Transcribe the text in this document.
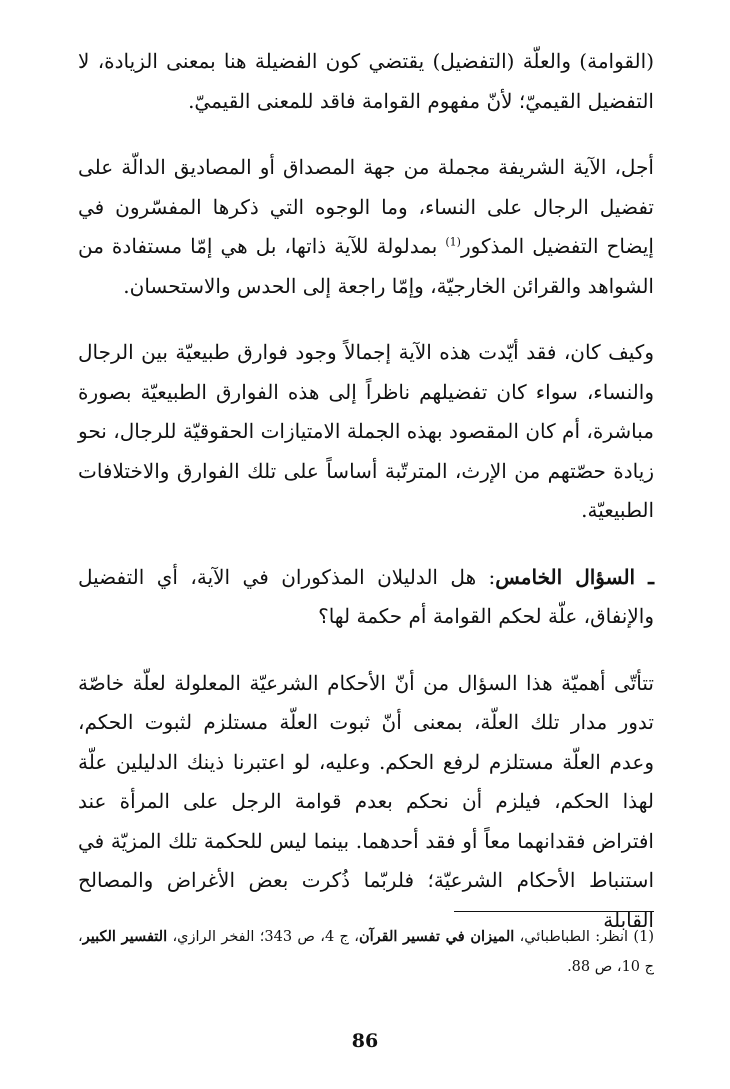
(القوامة) والعلّة (التفضيل) يقتضي كون الفضيلة هنا بمعنى الزيادة، لا التفضيل القيميّ؛ لأنّ مفهوم القوامة فاقد للمعنى القيميّ.

أجل، الآية الشريفة مجملة من جهة المصداق أو المصاديق الدالّة على تفضيل الرجال على النساء، وما الوجوه التي ذكرها المفسّرون في إيضاح التفضيل المذكور$^{(1)}$ بمدلولة للآية ذاتها، بل هي إمّا مستفادة من الشواهد والقرائن الخارجيّة، وإمّا راجعة إلى الحدس والاستحسان.

وكيف كان، فقد أيّدت هذه الآية إجمالاً وجود فوارق طبيعيّة بين الرجال والنساء، سواء كان تفضيلهم ناظراً إلى هذه الفوارق الطبيعيّة بصورة مباشرة، أم كان المقصود بهذه الجملة الامتيازات الحقوقيّة للرجال، نحو زيادة حصّتهم من الإرث، المترتّبة أساساً على تلك الفوارق والاختلافات الطبيعيّة.

ـ السؤال الخامس: هل الدليلان المذكوران في الآية، أي التفضيل والإنفاق، علّة لحكم القوامة أم حكمة لها؟

تتأتّى أهميّة هذا السؤال من أنّ الأحكام الشرعيّة المعلولة لعلّة خاصّة تدور مدار تلك العلّة، بمعنى أنّ ثبوت العلّة مستلزم لثبوت الحكم، وعدم العلّة مستلزم لرفع الحكم. وعليه، لو اعتبرنا ذينك الدليلين علّة لهذا الحكم، فيلزم أن نحكم بعدم قوامة الرجل على المرأة عند افتراض فقدانهما معاً أو فقد أحدهما. بينما ليس للحكمة تلك المزيّة في استنباط الأحكام الشرعيّة؛ فلربّما ذُكرت بعض الأغراض والمصالح القابلة

(1) انظر: الطباطبائي، الميزان في تفسير القرآن، ج 4، ص 343؛ الفخر الرازي، التفسير الكبير، ج 10، ص 88.

86
